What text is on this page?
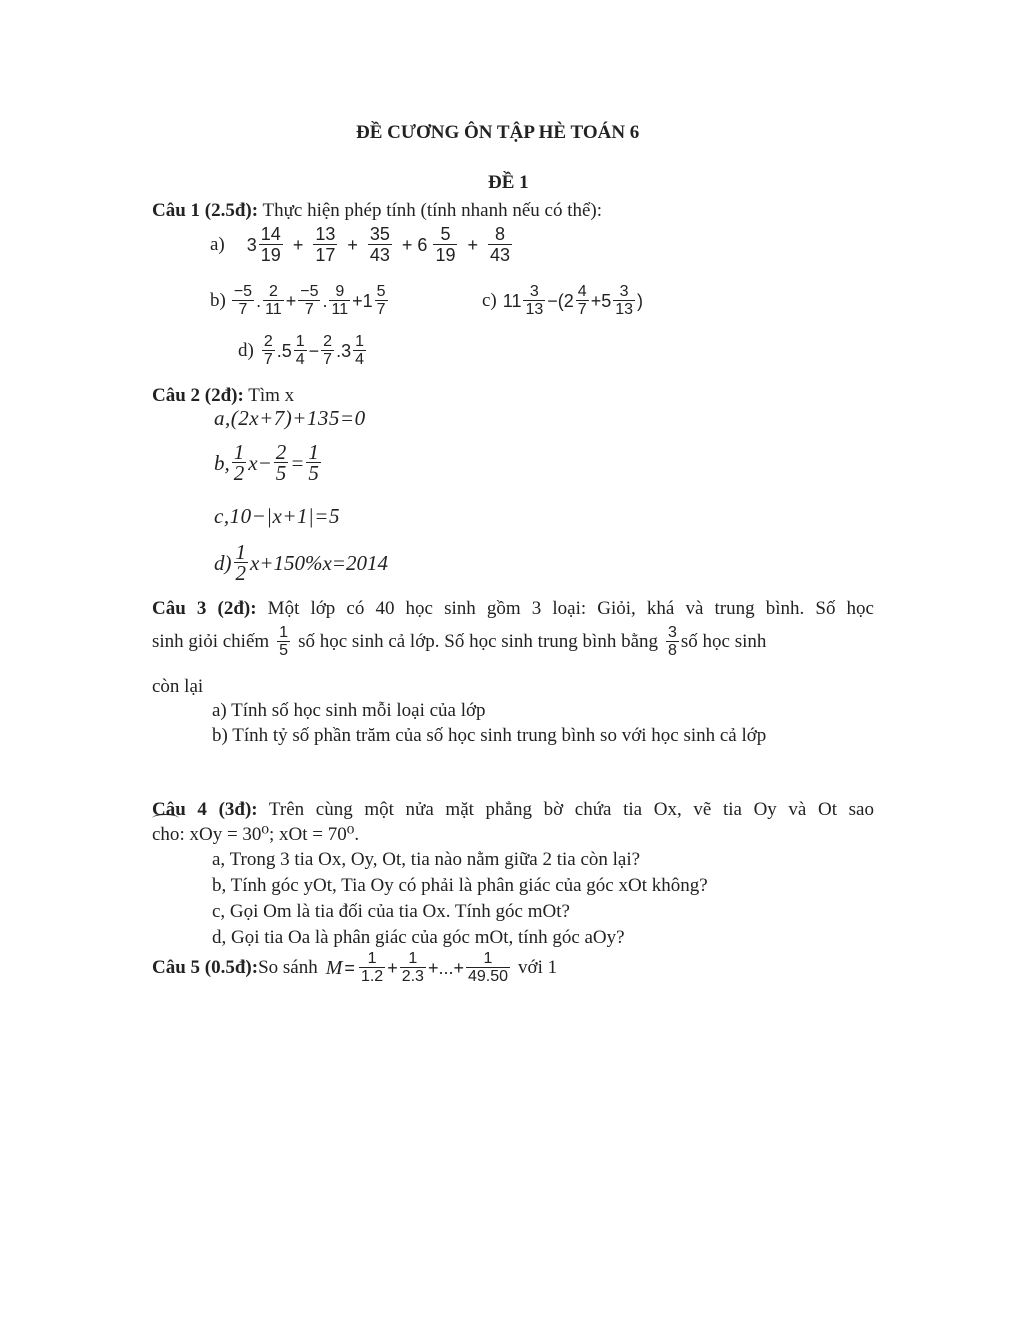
ĐỀ CƯƠNG ÔN TẬP HÈ TOÁN 6
ĐỀ 1
Câu 1 (2.5đ): Thực hiện phép tính (tính nhanh nếu có thể):
a) $3 \frac{14}{19} + \frac{13}{17} + \frac{35}{43} + 6 \frac{5}{19} + \frac{8}{43}$
$b) \frac{-5}{7}$ . $\frac{2}{11} + \frac{-5}{7}$ . $\frac{9}{11} +1 \frac{5}{7}$	c) $11 \frac{3}{13} -(2 \frac{4}{7} +5 \frac{3}{13}$ )
$d) \frac{2}{7} .5 \frac{1}{4} - \frac{2}{7} .3 \frac{1}{4}$
Câu 2 (2đ): Tìm x
a,(2x+7)+135=0
b, $\frac{1}{2} x- \frac{2}{5} = \frac{1}{5}$
c,10−|x+1|=5
$d) \frac{1}{2} x+150\%x=2014$
Câu 3 (2đ): Một lớp có 40 học sinh gồm 3 loại: Giỏi, khá và trung bình. Số học
sinh giỏi chiếm $\frac{1}{5}$ số học sinh cả lớp. Số học sinh trung bình bằng $\frac{3}{8}$ số học sinh
còn lại
a) Tính số học sinh mỗi loại của lớp
b) Tính tỷ số phần trăm của số học sinh trung bình so với học sinh cả lớp
Câu 4 (3đ): Trên cùng một nửa mặt phẳng bờ chứa tia Ox, vẽ tia Oy và Ot sao
cho: xOy = 30⁰; xOt = 70⁰.
a, Trong 3 tia Ox, Oy, Ot, tia nào nằm giữa 2 tia còn lại?
b, Tính góc yOt, Tia Oy có phải là phân giác của góc xOt không?
c, Gọi Om là tia đối của tia Ox. Tính góc mOt?
d, Gọi tia Oa là phân giác của góc mOt, tính góc aOy?
Câu 5 (0.5đ): So sánh $M = \frac{1}{1.2} + \frac{1}{2.3}$ +...+ $\frac{1}{49.50}$ với 1
